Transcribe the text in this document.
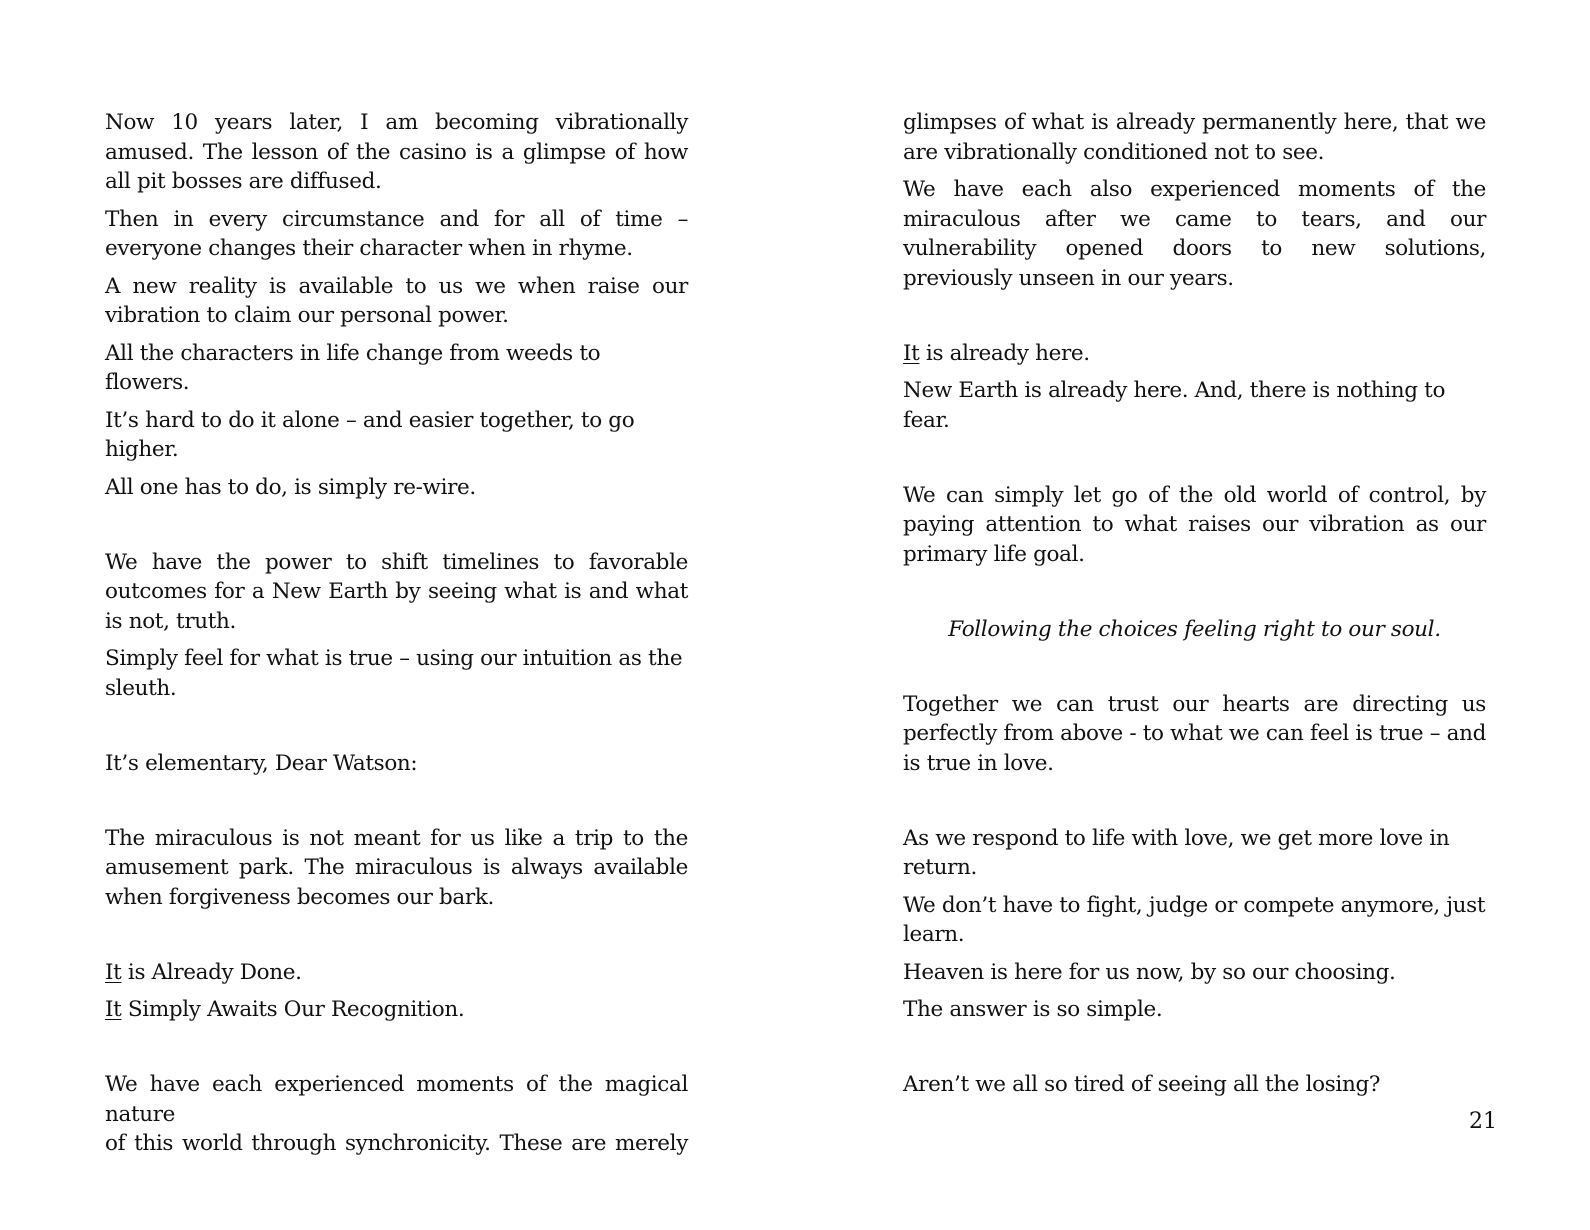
Now 10 years later, I am becoming vibrationally amused. The lesson of the casino is a glimpse of how all pit bosses are diffused.

Then in every circumstance and for all of time – everyone changes their character when in rhyme.

A new reality is available to us we when raise our vibration to claim our personal power.

All the characters in life change from weeds to flowers.

It’s hard to do it alone – and easier together, to go higher.

All one has to do, is simply re-wire.

We have the power to shift timelines to favorable outcomes for a New Earth by seeing what is and what is not, truth.

Simply feel for what is true – using our intuition as the sleuth.

It’s elementary, Dear Watson:

The miraculous is not meant for us like a trip to the amusement park. The miraculous is always available when forgiveness becomes our bark.

It is Already Done.

It Simply Awaits Our Recognition.

We have each experienced moments of the magical nature
of this world through synchronicity. These are merely

glimpses of what is already permanently here, that we are vibrationally conditioned not to see.

We have each also experienced moments of the miraculous after we came to tears, and our vulnerability opened doors to new solutions, previously unseen in our years.

It is already here.

New Earth is already here. And, there is nothing to fear.

We can simply let go of the old world of control, by paying attention to what raises our vibration as our primary life goal.

Following the choices feeling right to our soul.

Together we can trust our hearts are directing us perfectly from above - to what we can feel is true – and is true in love.

As we respond to life with love, we get more love in return.

We don’t have to fight, judge or compete anymore, just learn.

Heaven is here for us now, by so our choosing.

The answer is so simple.

Aren’t we all so tired of seeing all the losing?

21
